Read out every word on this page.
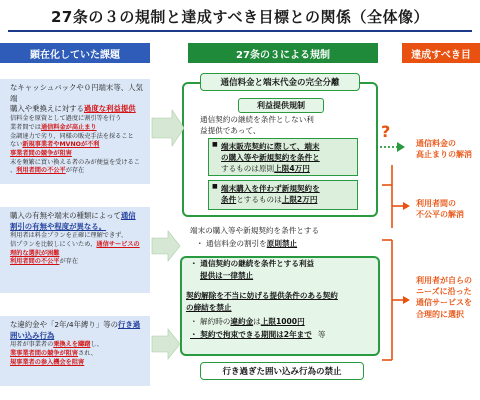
27条の３の規制と達成すべき目標との関係（全体像）
顕在化していた課題	27条の３による規制	達成すべき目
なキャッシュバックや０円端末等、人気端
購入や乗換えに対する過度な利益提供
信料金を原資として過度に割引等を行う
業者間では通信料金が高止まり
金調達力で劣り、同様の販売手法を採ること
ない新規事業者やMVNOが不利
事業者間の競争が阻害
末を頻繁に買い換える者のみが便益を受けるこ
、利用者間の不公平が存在
購入の有無や端末の種類によって通信
割引の有無や程度が異なる。
利用者は料金プランを正確に理解できず、
信プランを比較しにくいため、通信サービスの
理的な選択が困難
利用者間の不公平が存在
な違約金や「2年/4年縛り」等の行き過
囲い込み行為
用者が事業者の乗換えを躊躇し、
業事業者間の競争が阻害され、
規事業者の参入機会を阻害
通信料金と端末代金の完全分離
利益提供規制
通信契約の継続を条件としない利
益提供であって、
■ 端末販売契約に際して、端末
の購入等や新規契約を条件と
するものは原則上限4万円
■ 端末購入を伴わず新規契約を
条件とするものは上限2万円
端末の購入等や新規契約を条件とする
・ 通信料金の割引を原則禁止
・ 通信契約の継続を条件とする利益
提供は一律禁止
契約解除を不当に妨げる提供条件のある契約
の締結を禁止
・ 解約時の違約金は上限1000円
・ 契約で拘束できる期間は2年まで 等
行き過ぎた囲い込み行為の禁止
?
通信料金の
高止まりの解消
利用者間の
不公平の解消
利用者が自らの
ニーズに沿った
通信サービスを
合理的に選択
